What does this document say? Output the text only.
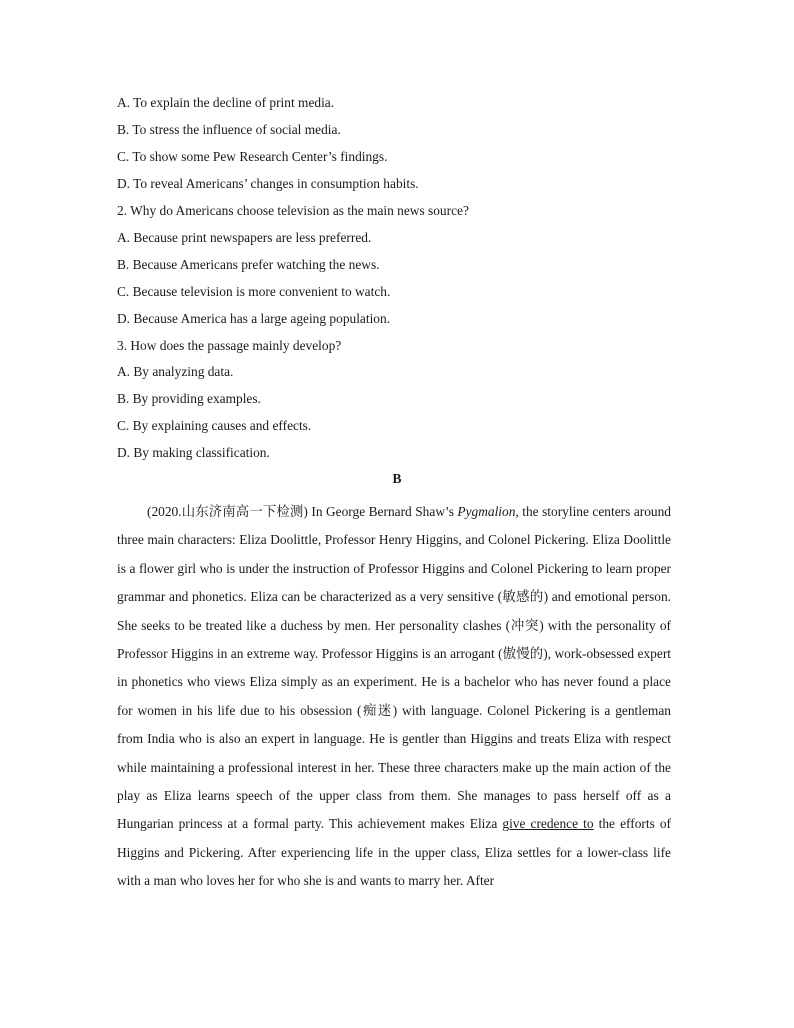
A. To explain the decline of print media.
B. To stress the influence of social media.
C. To show some Pew Research Center’s findings.
D. To reveal Americans’ changes in consumption habits.
2. Why do Americans choose television as the main news source?
A. Because print newspapers are less preferred.
B. Because Americans prefer watching the news.
C. Because television is more convenient to watch.
D. Because America has a large ageing population.
3. How does the passage mainly develop?
A. By analyzing data.
B. By providing examples.
C. By explaining causes and effects.
D. By making classification.
B
(2020.山东济南高一下检测) In George Bernard Shaw’s Pygmalion, the storyline centers around three main characters: Eliza Doolittle, Professor Henry Higgins, and Colonel Pickering. Eliza Doolittle is a flower girl who is under the instruction of Professor Higgins and Colonel Pickering to learn proper grammar and phonetics. Eliza can be characterized as a very sensitive (敏感的) and emotional person. She seeks to be treated like a duchess by men. Her personality clashes (冲突) with the personality of Professor Higgins in an extreme way. Professor Higgins is an arrogant (傲慢的), work-obsessed expert in phonetics who views Eliza simply as an experiment. He is a bachelor who has never found a place for women in his life due to his obsession (痴迷) with language. Colonel Pickering is a gentleman from India who is also an expert in language. He is gentler than Higgins and treats Eliza with respect while maintaining a professional interest in her. These three characters make up the main action of the play as Eliza learns speech of the upper class from them. She manages to pass herself off as a Hungarian princess at a formal party. This achievement makes Eliza give credence to the efforts of Higgins and Pickering. After experiencing life in the upper class, Eliza settles for a lower-class life with a man who loves her for who she is and wants to marry her. After
